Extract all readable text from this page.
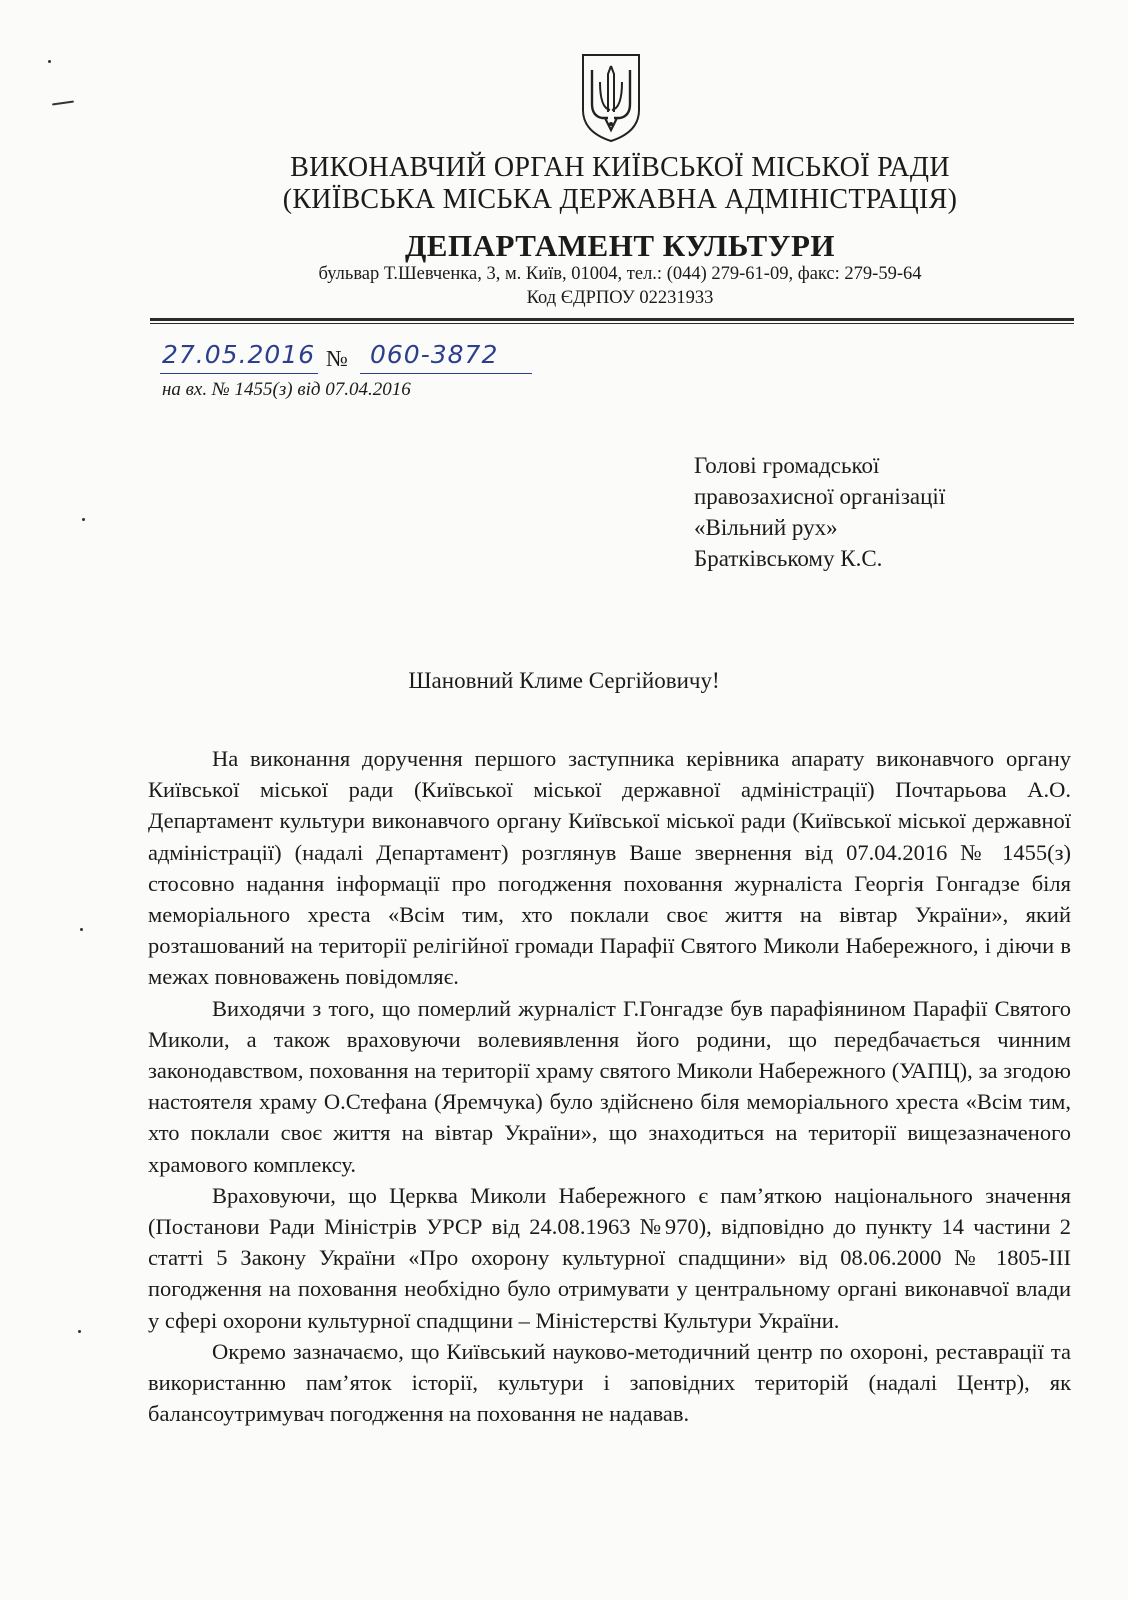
ВИКОНАВЧИЙ ОРГАН КИЇВСЬКОЇ МІСЬКОЇ РАДИ
(КИЇВСЬКА МІСЬКА ДЕРЖАВНА АДМІНІСТРАЦІЯ)
ДЕПАРТАМЕНТ КУЛЬТУРИ
бульвар Т.Шевченка, 3, м. Київ, 01004, тел.: (044) 279-61-09, факс: 279-59-64
Код ЄДРПОУ 02231933
27.05.2016 № 060-3872
на вх. № 1455(з) від 07.04.2016
Голові громадської
правозахисної організації
«Вільний рух»
Братківському К.С.
Шановний Климе Сергійовичу!

На виконання доручення першого заступника керівника апарату виконавчого органу Київської міської ради (Київської міської державної адміністрації) Почтарьова А.О. Департамент культури виконавчого органу Київської міської ради (Київської міської державної адміністрації) (надалі Департамент) розглянув Ваше звернення від 07.04.2016 № 1455(з) стосовно надання інформації про погодження поховання журналіста Георгія Гонгадзе біля меморіального хреста «Всім тим, хто поклали своє життя на вівтар України», який розташований на території релігійної громади Парафії Святого Миколи Набережного, і діючи в межах повноважень повідомляє.

Виходячи з того, що померлий журналіст Г.Гонгадзе був парафіянином Парафії Святого Миколи, а також враховуючи волевиявлення його родини, що передбачається чинним законодавством, поховання на території храму святого Миколи Набережного (УАПЦ), за згодою настоятеля храму О.Стефана (Яремчука) було здійснено біля меморіального хреста «Всім тим, хто поклали своє життя на вівтар України», що знаходиться на території вищезазначеного храмового комплексу.

Враховуючи, що Церква Миколи Набережного є пам’яткою національного значення (Постанови Ради Міністрів УРСР від 24.08.1963 №970), відповідно до пункту 14 частини 2 статті 5 Закону України «Про охорону культурної спадщини» від 08.06.2000 № 1805-ІІІ погодження на поховання необхідно було отримувати у центральному органі виконавчої влади у сфері охорони культурної спадщини – Міністерстві Культури України.

Окремо зазначаємо, що Київський науково-методичний центр по охороні, реставрації та використанню пам’яток історії, культури і заповідних територій (надалі Центр), як балансоутримувач погодження на поховання не надавав.
